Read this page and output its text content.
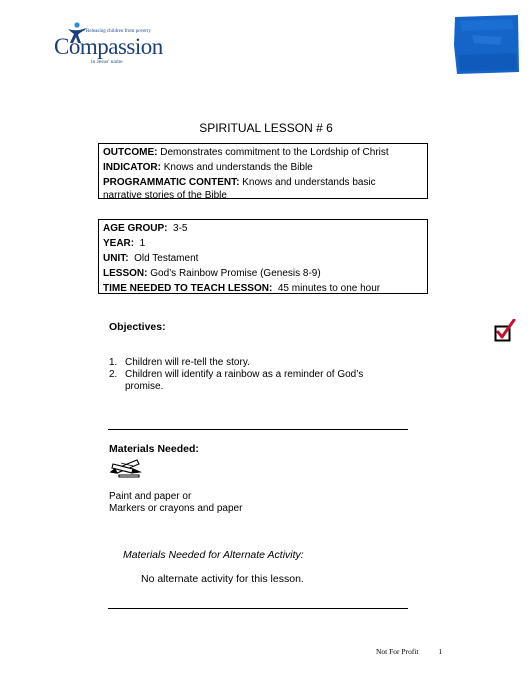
Releasing children from poverty
Compassion
in Jesus' name
SPIRITUAL LESSON # 6
OUTCOME: Demonstrates commitment to the Lordship of Christ
INDICATOR: Knows and understands the Bible
PROGRAMMATIC CONTENT: Knows and understands basic
narrative stories of the Bible
AGE GROUP:  3-5
YEAR:  1
UNIT:  Old Testament
LESSON: God’s Rainbow Promise (Genesis 8-9)
TIME NEEDED TO TEACH LESSON:  45 minutes to one hour
Objectives:
1. Children will re-tell the story.
2. Children will identify a rainbow as a reminder of God’s
promise.
Materials Needed:
Paint and paper or
Markers or crayons and paper
Materials Needed for Alternate Activity:
No alternate activity for this lesson.
Not For Profit	1
